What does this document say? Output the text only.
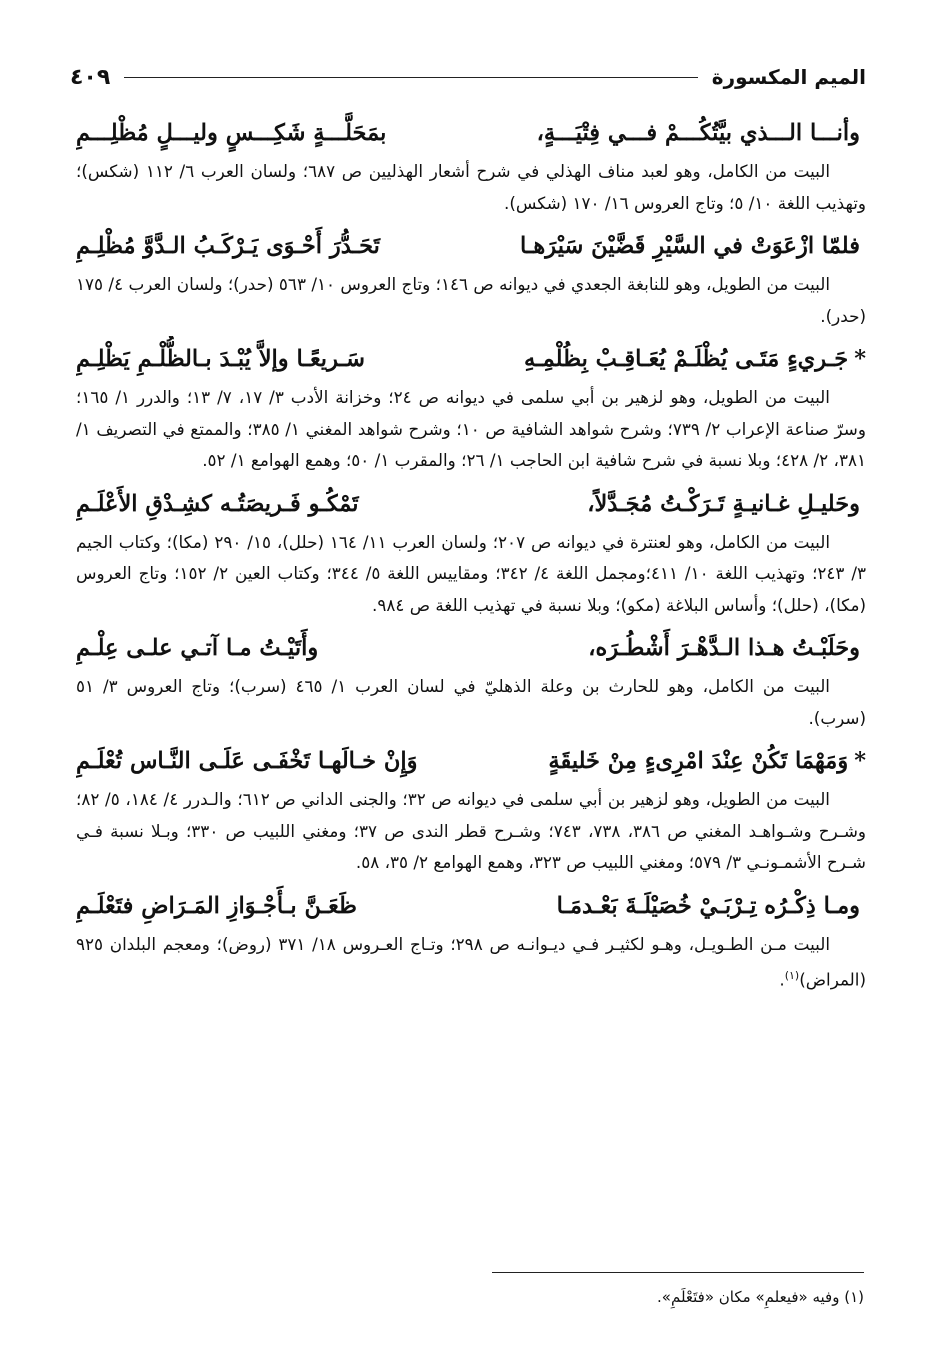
الميم المكسورة
٤٠٩
وأنـــا الـــذي بيَّتُكُـــمْ فـــي فِتْيَـــةٍ،
بمَحَلَّـــةٍ شَكِـــسٍ وليـــلٍ مُظْلِـــمِ

البيت من الكامل، وهو لعبد مناف الهذلي في شرح أشعار الهذليين ص ٦٨٧؛ ولسان العرب ٦/ ١١٢ (شكس)؛ وتهذيب اللغة ١٠/ ٥؛ وتاج العروس ١٦/ ١٧٠ (شكس).

فلمّا ازْعَوَتْ في السَّيْرِ قَضَّيْنَ سَيْرَهـا
تَحَـدُّرَ أَحْـوَى يَـرْكَـبُ الـدَّوَّ مُظْلِـمِ

البيت من الطويل، وهو للنابغة الجعدي في ديوانه ص ١٤٦؛ وتاج العروس ١٠/ ٥٦٣ (حدر)؛ ولسان العرب ٤/ ١٧٥ (حدر).

*جَـريءٍ مَتَـى يُظْلَـمْ يُعَـاقِـبْ بِظُلْمِـهِ
سَـريعًـا وإلاَّ يُبْـدَ بـالظُّلْـمِ يَظْلِـمِ

البيت من الطويل، وهو لزهير بن أبي سلمى في ديوانه ص ٢٤؛ وخزانة الأدب ٣/ ١٧، ٧/ ١٣؛ والدرر ١/ ١٦٥؛ وسرّ صناعة الإعراب ٢/ ٧٣٩؛ وشرح شواهد الشافية ص ١٠؛ وشرح شواهد المغني ١/ ٣٨٥؛ والممتع في التصريف ١/ ٣٨١، ٢/ ٤٢٨؛ وبلا نسبة في شرح شافية ابن الحاجب ١/ ٢٦؛ والمقرب ١/ ٥٠؛ وهمع الهوامع ١/ ٥٢.

وحَليـلِ غـانيـةٍ تَـرَكْـتُ مُجَـدَّلاً،
تَمْكُـو فَـريصَتُـه كشِـدْقِ الأَعْلَـمِ

البيت من الكامل، وهو لعنترة في ديوانه ص ٢٠٧؛ ولسان العرب ١١/ ١٦٤ (حلل)، ١٥/ ٢٩٠ (مكا)؛ وكتاب الجيم ٣/ ٢٤٣؛ وتهذيب اللغة ١٠/ ٤١١؛ومجمل اللغة ٤/ ٣٤٢؛ ومقاييس اللغة ٥/ ٣٤٤؛ وكتاب العين ٢/ ١٥٢؛ وتاج العروس (مكا)، (حلل)؛ وأساس البلاغة (مكو)؛ وبلا نسبة في تهذيب اللغة ص ٩٨٤.

وحَلَبْـتُ هـذا الـدَّهْـرَ أَشْطُـرَه،
وأَتَيْـتُ مـا آتـي علـى عِلْـمِ

البيت من الكامل، وهو للحارث بن وعلة الذهليّ في لسان العرب ١/ ٤٦٥ (سرب)؛ وتاج العروس ٣/ ٥١ (سرب).

*وَمَهْمَا تَكُنْ عِنْدَ امْرِىءٍ مِنْ خَليقَةٍ
وَإِنْ خـالَهـا تَخْفَـى عَلَـى النَّـاس تُعْلَـمِ

البيت من الطويل، وهو لزهير بن أبي سلمى في ديوانه ص ٣٢؛ والجنى الداني ص ٦١٢؛ والـدرر ٤/ ١٨٤، ٥/ ٨٢؛ وشـرح وشـواهـد المغني ص ٣٨٦، ٧٣٨، ٧٤٣؛ وشـرح قطر الندى ص ٣٧؛ ومغني اللبيب ص ٣٣٠؛ وبـلا نسبة فـي شـرح الأشمـونـي ٣/ ٥٧٩؛ ومغني اللبيب ص ٣٢٣، وهمع الهوامع ٢/ ٣٥، ٥٨.

ومـا ذِكْـرُه تِـرْبَـيْ خُصَيْلَـةَ بَعْـدمَـا
ظَعَـنَّ بـأَجْـوَازِ المَـرَاضِ فتَعْلَـمِ

البيت مـن الطـويـل، وهـو لكثيـر فـي ديـوانـه ص ٢٩٨؛ وتـاج العـروس ١٨/ ٣٧١ (روض)؛ ومعجم البلدان ٩٢٥ (المراض)$^{(١)}$.

(١) وفيه «فيعلمِ» مكان «فتَعْلَمِ».
